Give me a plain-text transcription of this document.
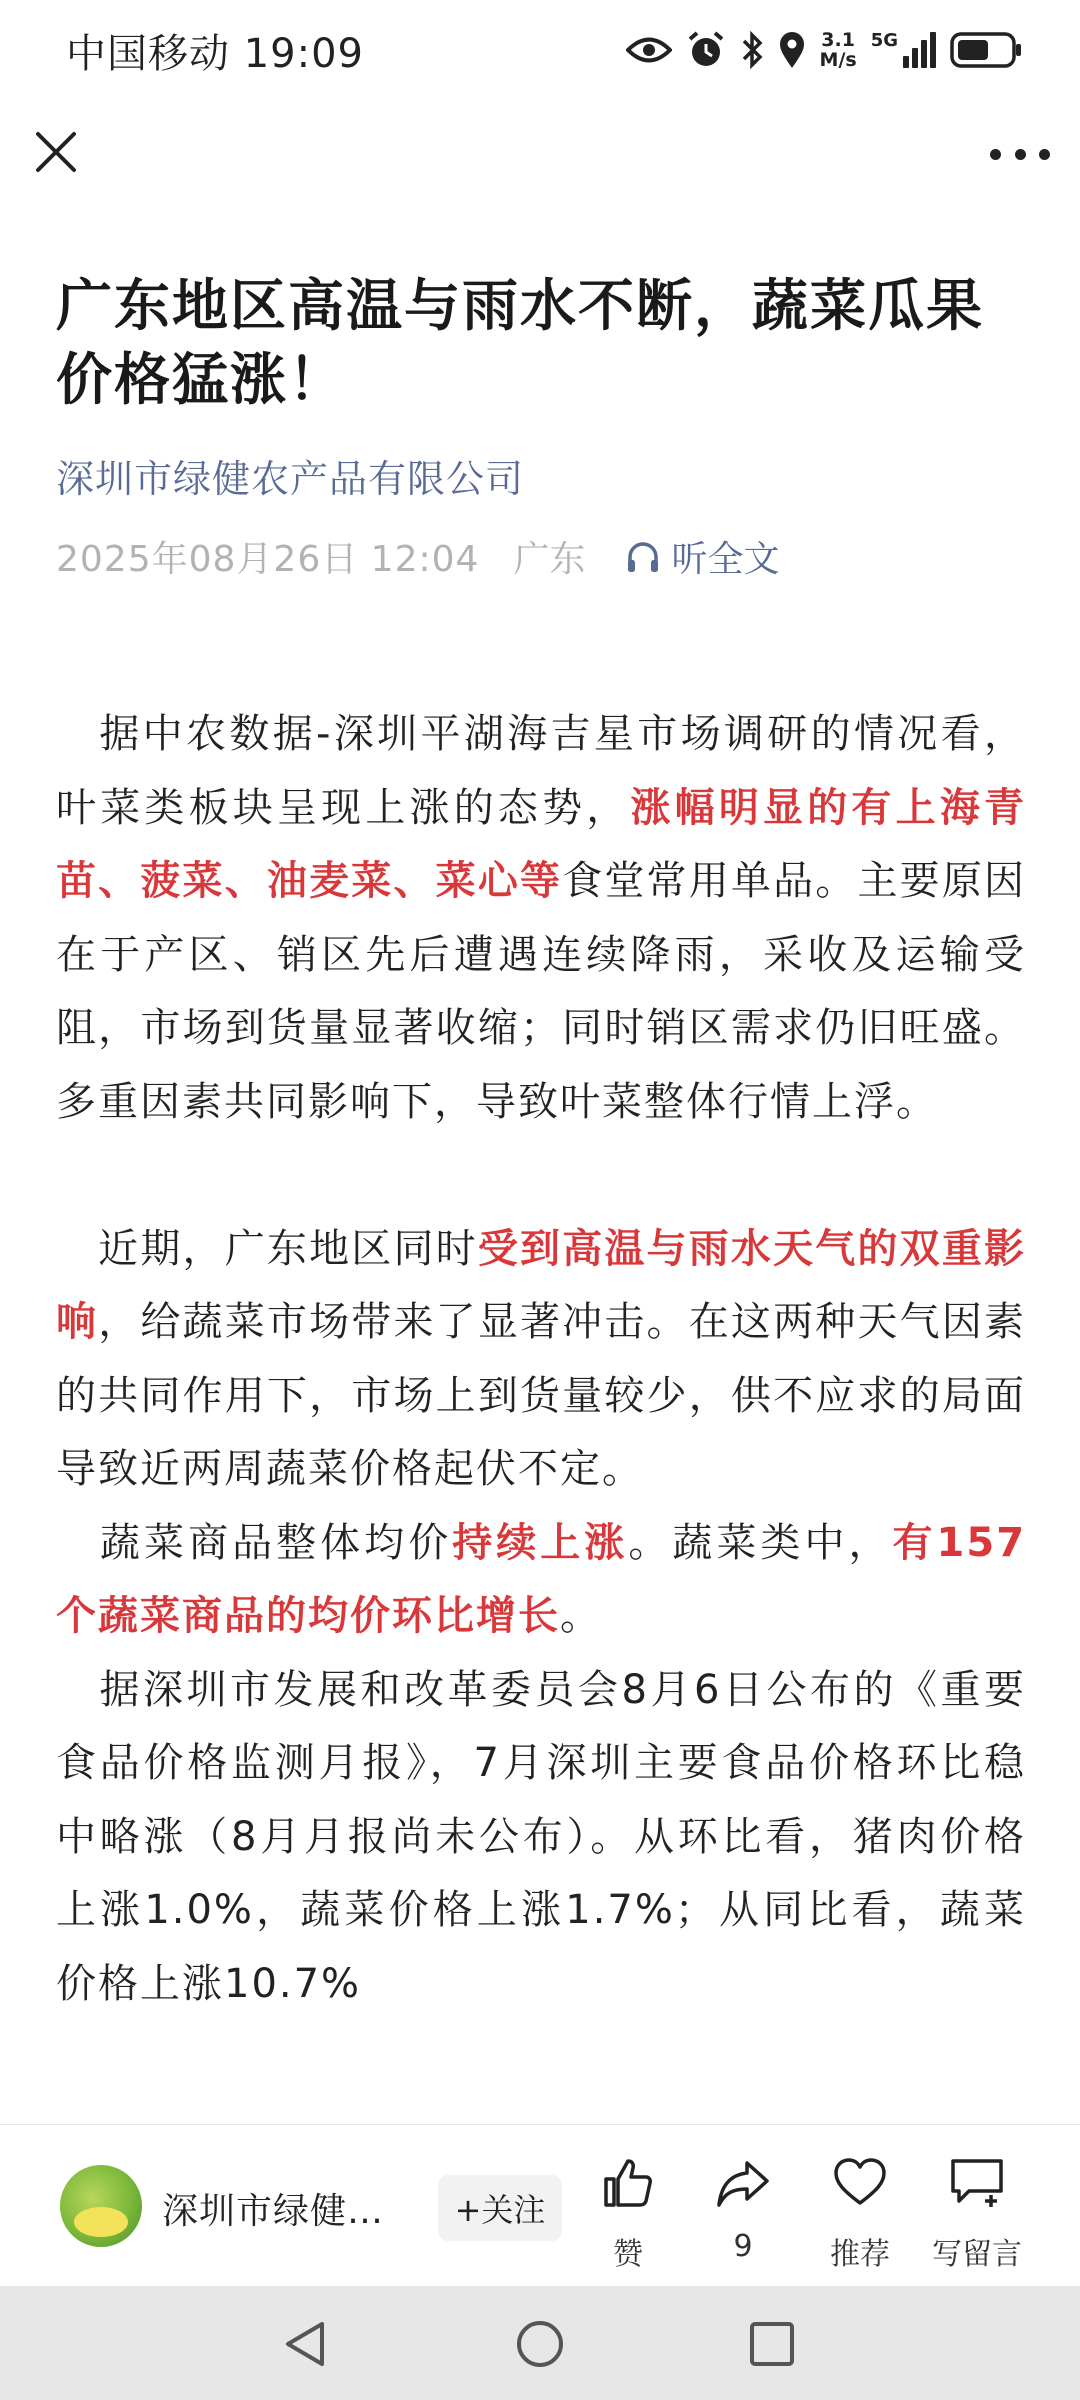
中国移动 19:09	3.1
M/s
5G
广东地区高温与雨水不断，蔬菜瓜果价格猛涨！
深圳市绿健农产品有限公司
2025年08月26日 12:04 广东 听全文

　据中农数据-深圳平湖海吉星市场调研的情况看，叶菜类板块呈现上涨的态势，涨幅明显的有上海青苗、菠菜、油麦菜、菜心等食堂常用单品。主要原因在于产区、销区先后遭遇连续降雨，采收及运输受阻，市场到货量显著收缩；同时销区需求仍旧旺盛。多重因素共同影响下，导致叶菜整体行情上浮。

　近期，广东地区同时受到高温与雨水天气的双重影响，给蔬菜市场带来了显著冲击。在这两种天气因素的共同作用下，市场上到货量较少，供不应求的局面导致近两周蔬菜价格起伏不定。

　蔬菜商品整体均价持续上涨。蔬菜类中，有157个蔬菜商品的均价环比增长。

　据深圳市发展和改革委员会8月6日公布的《重要食品价格监测月报》，7月深圳主要食品价格环比稳中略涨（8月月报尚未公布）。从环比看，猪肉价格上涨1.0%，蔬菜价格上涨1.7%；从同比看，蔬菜价格上涨10.7%

深圳市绿健…	+关注
赞	9	推荐 写留言
